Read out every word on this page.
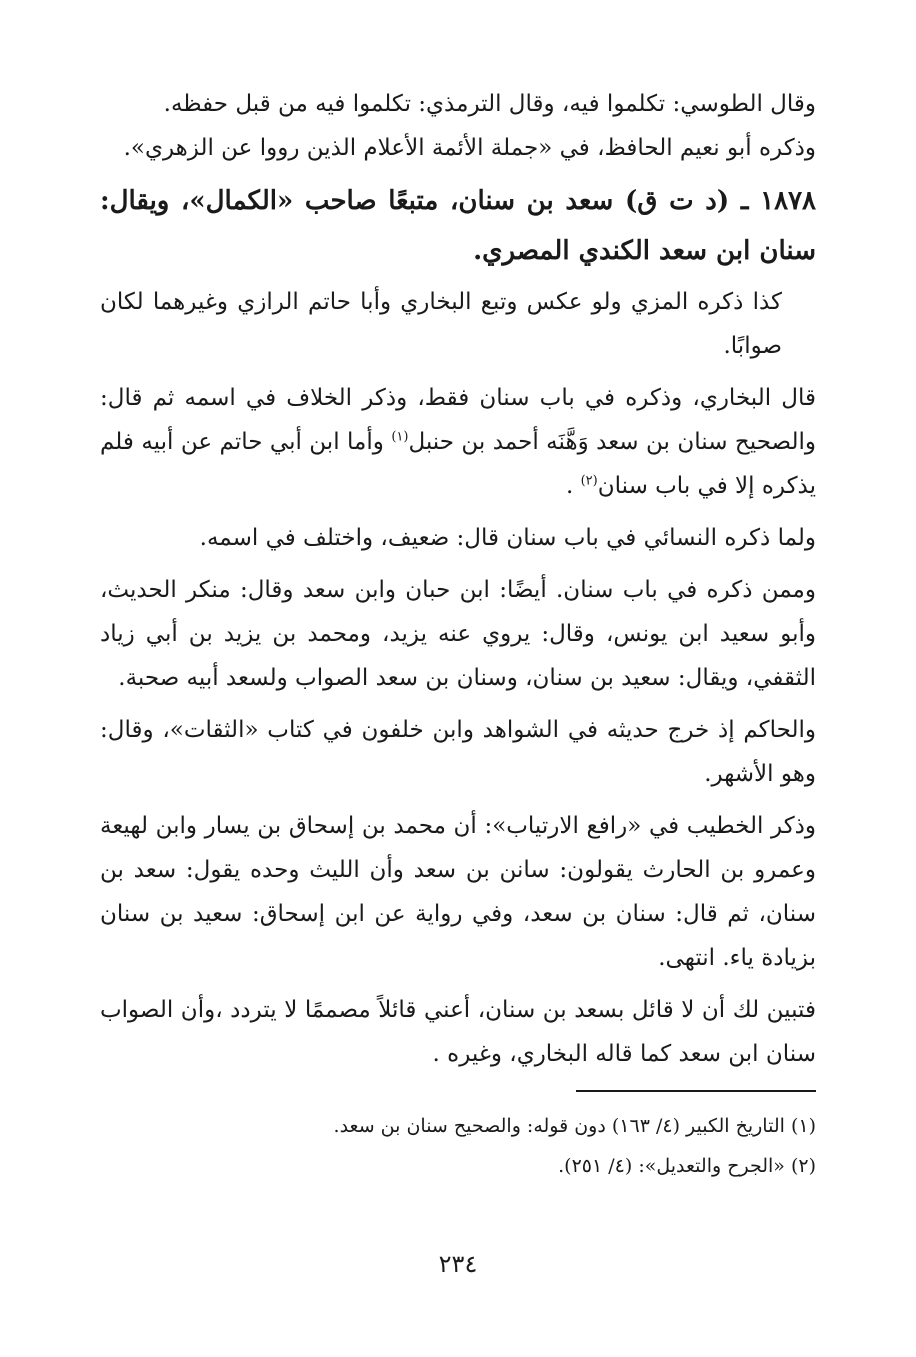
وقال الطوسي: تكلموا فيه، وقال الترمذي: تكلموا فيه من قبل حفظه.

وذكره أبو نعيم الحافظ، في «جملة الأئمة الأعلام الذين رووا عن الزهري».

١٨٧٨ ـ (د ت ق) سعد بن سنان، متبعًا صاحب «الكمال»، ويقال: سنان ابن سعد الكندي المصري.

كذا ذكره المزي ولو عكس وتبع البخاري وأبا حاتم الرازي وغيرهما لكان صوابًا.

قال البخاري، وذكره في باب سنان فقط، وذكر الخلاف في اسمه ثم قال: والصحيح سنان بن سعد وَهَّنَه أحمد بن حنبل$^{(١)}$ وأما ابن أبي حاتم عن أبيه فلم يذكره إلا في باب سنان$^{(٢)}$ .

ولما ذكره النسائي في باب سنان قال: ضعيف، واختلف في اسمه.

وممن ذكره في باب سنان. أيضًا: ابن حبان وابن سعد وقال: منكر الحديث، وأبو سعيد ابن يونس، وقال: يروي عنه يزيد، ومحمد بن يزيد بن أبي زياد الثقفي، ويقال: سعيد بن سنان، وسنان بن سعد الصواب ولسعد أبيه صحبة.

والحاكم إذ خرج حديثه في الشواهد وابن خلفون في كتاب «الثقات»، وقال: وهو الأشهر.

وذكر الخطيب في «رافع الارتياب»: أن محمد بن إسحاق بن يسار وابن لهيعة وعمرو بن الحارث يقولون: سانن بن سعد وأن الليث وحده يقول: سعد بن سنان، ثم قال: سنان بن سعد، وفي رواية عن ابن إسحاق: سعيد بن سنان بزيادة ياء. انتهى.

فتبين لك أن لا قائل بسعد بن سنان، أعني قائلاً مصممًا لا يتردد ،وأن الصواب سنان ابن سعد كما قاله البخاري، وغيره .

(١) التاريخ الكبير (٤/ ١٦٣) دون قوله: والصحيح سنان بن سعد.

(٢) «الجرح والتعديل»: (٤/ ٢٥١).

٢٣٤
